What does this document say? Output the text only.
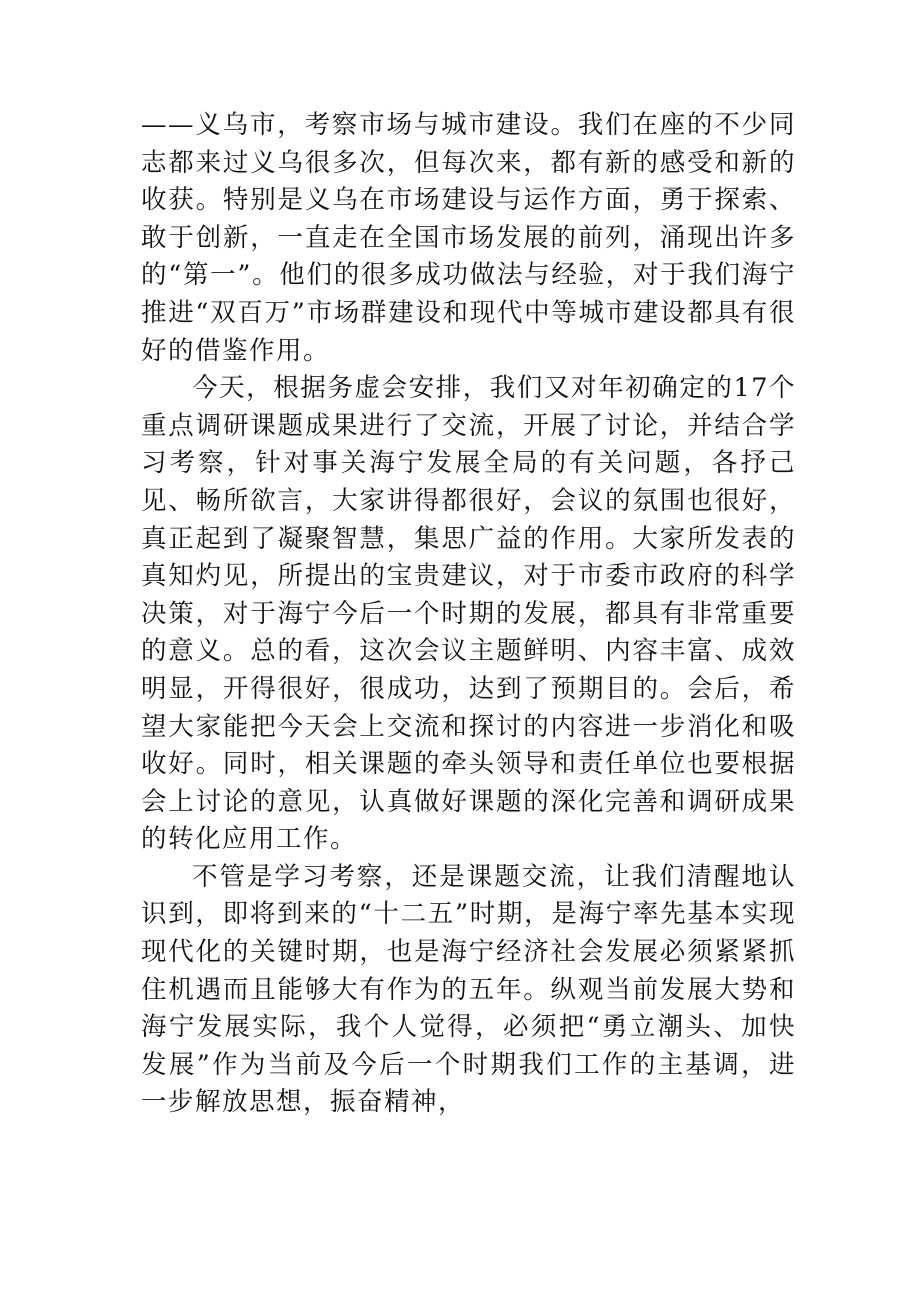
——义乌市，考察市场与城市建设。我们在座的不少同志都来过义乌很多次，但每次来，都有新的感受和新的收获。特别是义乌在市场建设与运作方面，勇于探索、敢于创新，一直走在全国市场发展的前列，涌现出许多的“第一”。他们的很多成功做法与经验，对于我们海宁推进“双百万”市场群建设和现代中等城市建设都具有很好的借鉴作用。

今天，根据务虚会安排，我们又对年初确定的17个重点调研课题成果进行了交流，开展了讨论，并结合学习考察，针对事关海宁发展全局的有关问题，各抒己见、畅所欲言，大家讲得都很好，会议的氛围也很好，真正起到了凝聚智慧，集思广益的作用。大家所发表的真知灼见，所提出的宝贵建议，对于市委市政府的科学决策，对于海宁今后一个时期的发展，都具有非常重要的意义。总的看，这次会议主题鲜明、内容丰富、成效明显，开得很好，很成功，达到了预期目的。会后，希望大家能把今天会上交流和探讨的内容进一步消化和吸收好。同时，相关课题的牵头领导和责任单位也要根据会上讨论的意见，认真做好课题的深化完善和调研成果的转化应用工作。

不管是学习考察，还是课题交流，让我们清醒地认识到，即将到来的“十二五”时期，是海宁率先基本实现现代化的关键时期，也是海宁经济社会发展必须紧紧抓住机遇而且能够大有作为的五年。纵观当前发展大势和海宁发展实际，我个人觉得，必须把“勇立潮头、加快发展”作为当前及今后一个时期我们工作的主基调，进一步解放思想，振奋精神，
